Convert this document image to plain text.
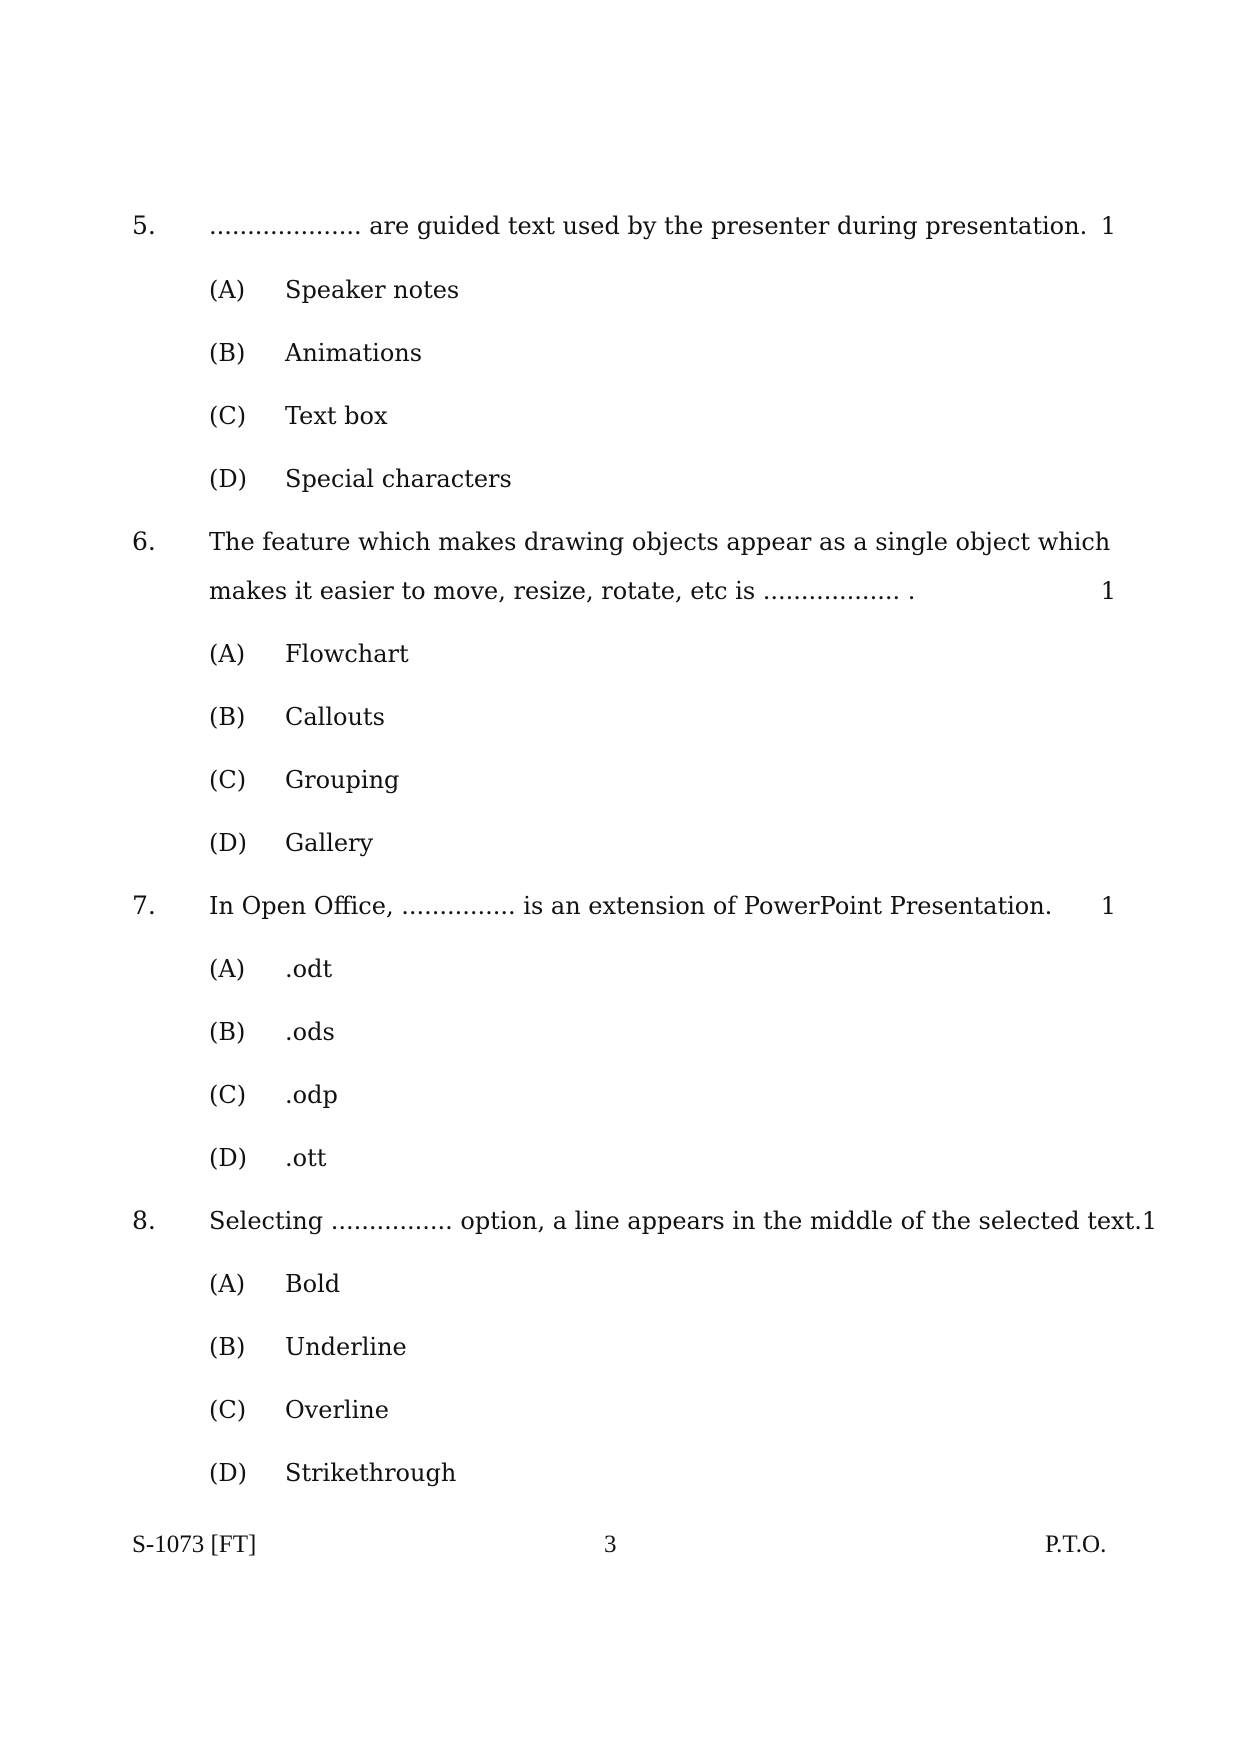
5. .................... are guided text used by the presenter during presentation. 1
(A) Speaker notes
(B) Animations
(C) Text box
(D) Special characters
6. The feature which makes drawing objects appear as a single object which
makes it easier to move, resize, rotate, etc is .................. .	1
(A) Flowchart
(B) Callouts
(C) Grouping
(D) Gallery
7. In Open Office, ............... is an extension of PowerPoint Presentation. 1
(A) .odt
(B) .ods
(C) .odp
(D) .ott
8. Selecting ................ option, a line appears in the middle of the selected text. 1
(A) Bold
(B) Underline
(C) Overline
(D) Strikethrough
S-1073 [FT]	3	P.T.O.
